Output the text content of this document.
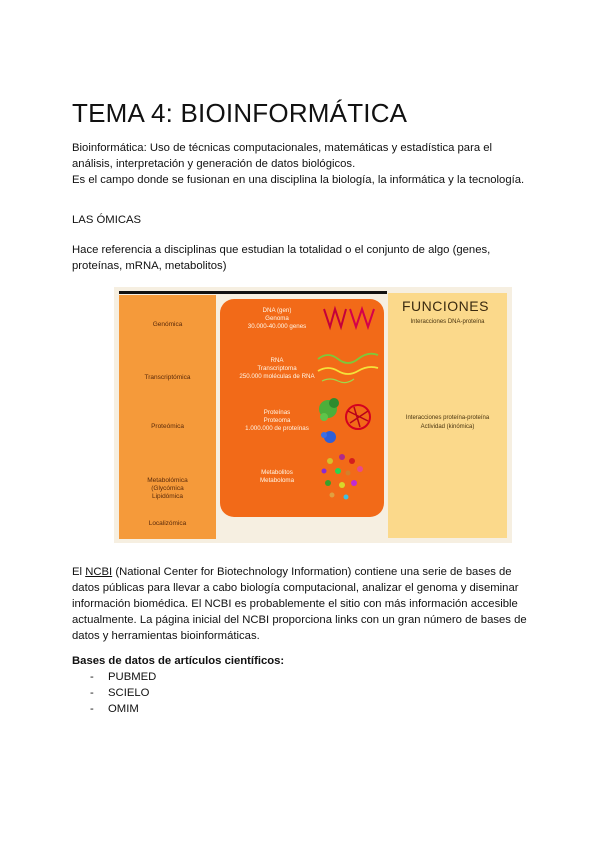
TEMA 4: BIOINFORMÁTICA
Bioinformática: Uso de técnicas computacionales, matemáticas y estadística para el
análisis, interpretación y generación de datos biológicos.
Es el campo donde se fusionan en una disciplina la biología, la informática y la tecnología.
LAS ÓMICAS
Hace referencia a disciplinas que estudian la totalidad o el conjunto de algo (genes,
proteínas, mRNA, metabolitos)
El NCBI (National Center for Biotechnology Information) contiene una serie de bases de
datos públicas para llevar a cabo biología computacional, analizar el genoma y diseminar
información biomédica. El NCBI es probablemente el sitio con más información accesible
actualmente. La página inicial del NCBI proporciona links con un gran número de bases de
datos y herramientas bioinformáticas.
Bases de datos de artículos científicos:
-	PUBMED
-	SCIELO
-	OMIM
Genómica
Transcriptómica
Proteómica
Metabolómica
(Glycómica
Lipidómica
Localizómica
DNA (gen)
Genoma
30.000-40.000 genes
RNA
Transcriptoma
250.000 moléculas de RNA
Proteínas
Proteoma
1.000.000 de proteínas
Metabolitos
Metaboloma
FUNCIONES
Interacciones DNA-proteína
Interacciones proteína-proteína
Actividad (kinómica)
